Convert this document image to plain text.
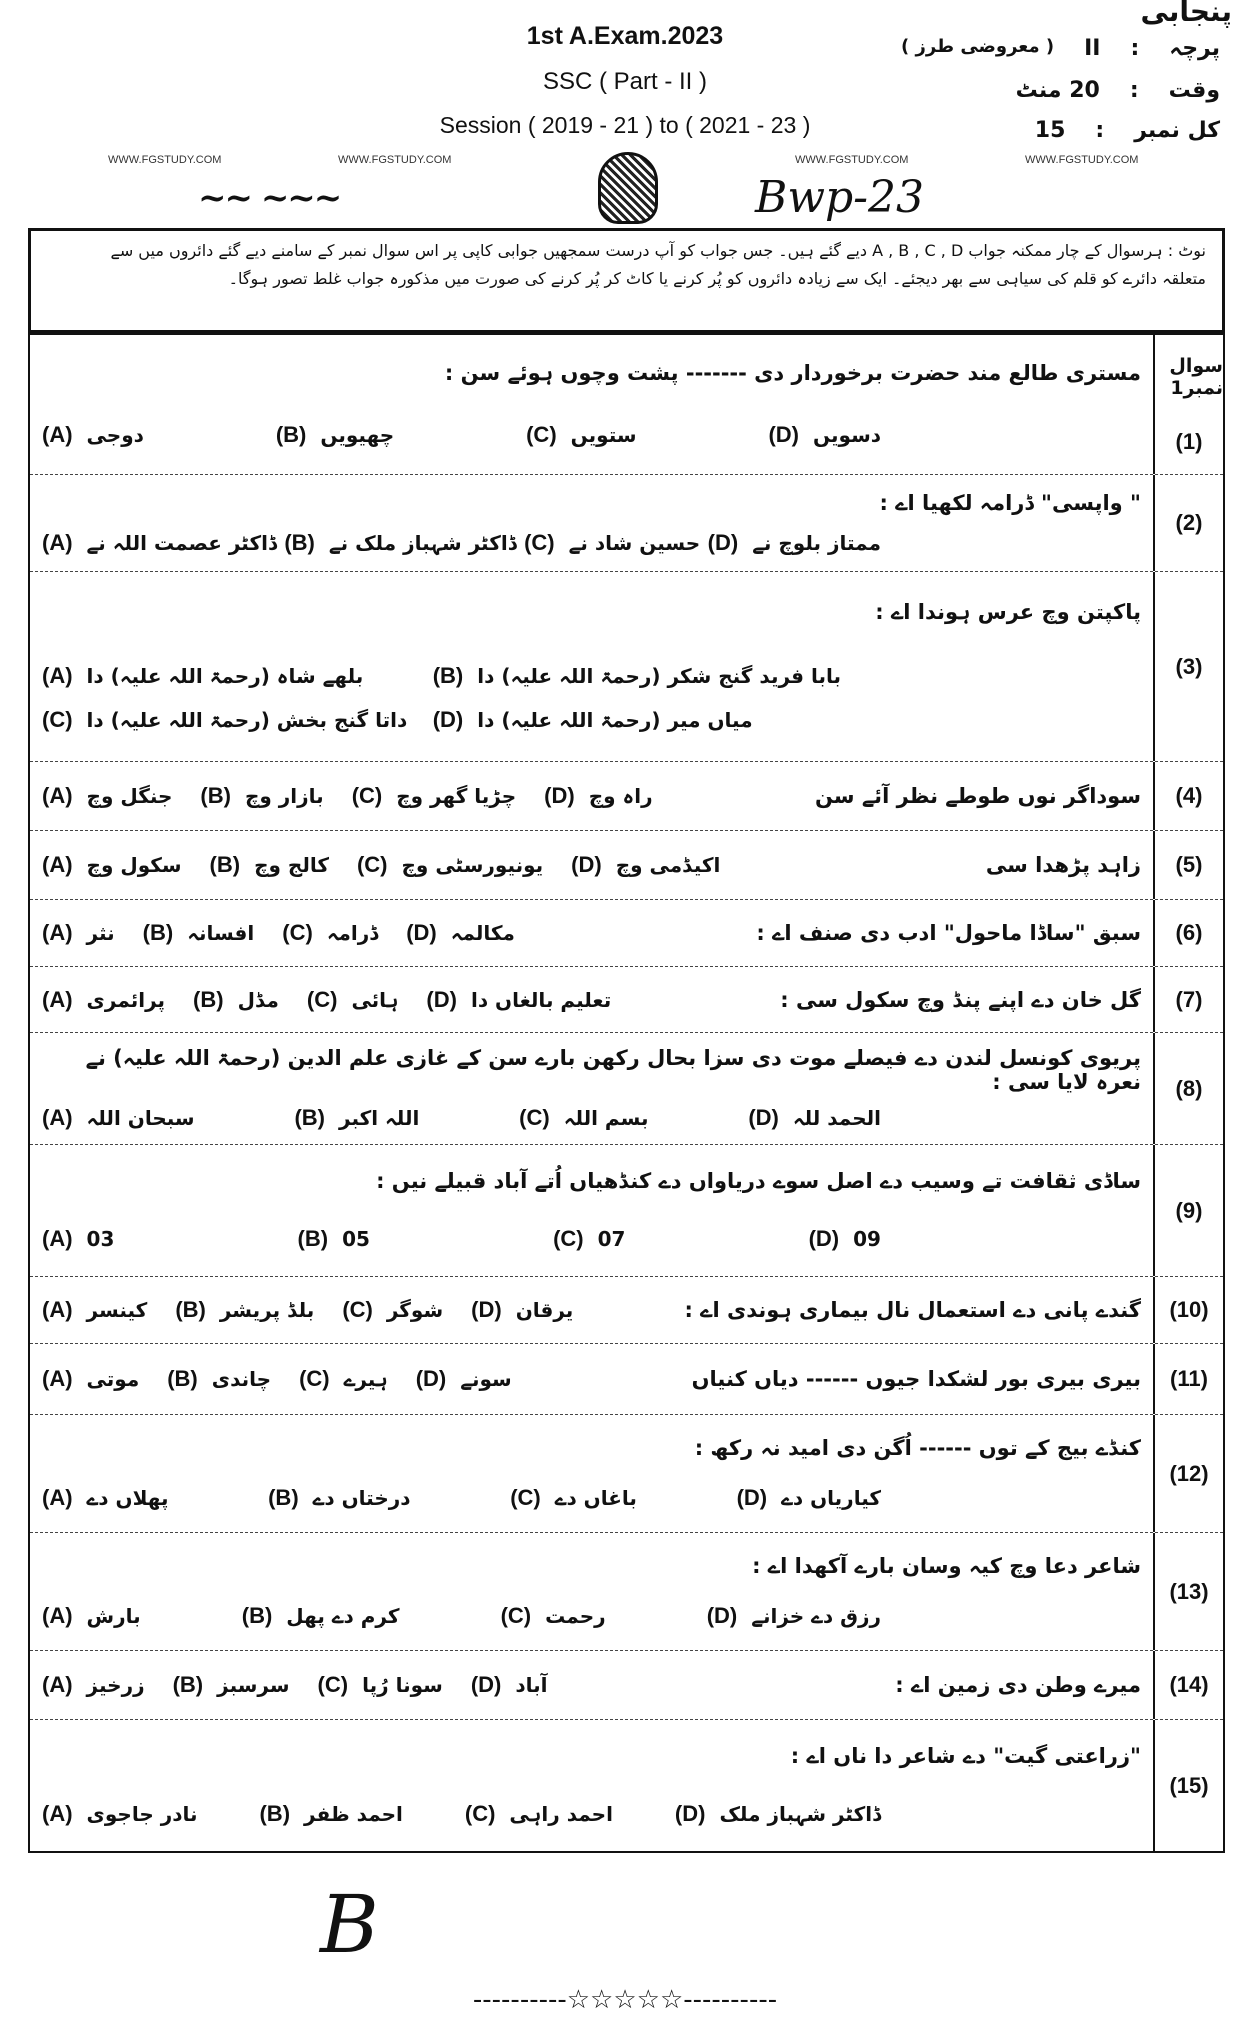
1st A.Exam.2023
SSC ( Part - II )
Session ( 2019 - 21 ) to ( 2021 - 23 )
پنجابی
پرچہ
:
II
( معروضی طرز )
وقت
:
20 منٹ
کل نمبر
:
15
WWW.FGSTUDY.COM	WWW.FGSTUDY.COM	WWW.FGSTUDY.COM	WWW.FGSTUDY.COM
~~ ~~~	Bwp-23
نوٹ : ہرسوال کے چار ممکنہ جواب A , B , C , D دیے گئے ہیں۔ جس جواب کو آپ درست سمجھیں جوابی کاپی پر اس سوال نمبر کے سامنے دیے گئے دائروں میں سے
متعلقہ دائرے کو قلم کی سیاہی سے بھر دیجئے۔ ایک سے زیادہ دائروں کو پُر کرنے یا کاٹ کر پُر کرنے کی صورت میں مذکورہ جواب غلط تصور ہوگا۔
مستری طالع مند حضرت برخوردار دی ------- پشت وچوں ہوئے سن :
(A) دوجی	(B) چھیویں	(C) ستویں	(D) دسویں
سوال نمبر1
(1)
" واپسی" ڈرامہ لکھیا اے :
(A) ڈاکٹر عصمت اللہ نے (B) ڈاکٹر شہباز ملک نے (C) حسین شاد نے (D) ممتاز بلوچ نے
(2)
پاکپتن وچ عرس ہوندا اے :
(A) بلھے شاہ (رحمۃ اللہ علیہ) دا	(B) بابا فرید گنج شکر (رحمۃ اللہ علیہ) دا
(C) داتا گنج بخش (رحمۃ اللہ علیہ) دا (D) میاں میر (رحمۃ اللہ علیہ) دا
(3)
سوداگر نوں طوطے نظر آئے سن
(A) جنگل وچ (B) بازار وچ (C) چڑیا گھر وچ (D) راہ وچ	(4)
زاہد پڑھدا سی
(A) سکول وچ (B) کالج وچ (C) یونیورسٹی وچ (D) اکیڈمی وچ	(5)
سبق "ساڈا ماحول" ادب دی صنف اے :
(A) نثر (B) افسانہ (C) ڈرامہ (D) مکالمہ	(6)
گل خان دے اپنے پنڈ وچ سکول سی :
(A) پرائمری (B) مڈل (C) ہائی (D) تعلیم بالغاں دا	(7)
پریوی کونسل لندن دے فیصلے موت دی سزا بحال رکھن بارے سن کے غازی علم الدین (رحمۃ اللہ علیہ) نے نعرہ لایا سی :
(A) سبحان اللہ	(B) اللہ اکبر	(C) بسم اللہ	(D) الحمد للہ
(8)
ساڈی ثقافت تے وسیب دے اصل سوے دریاواں دے کنڈھیاں اُتے آباد قبیلے نیں :
(A) 03	(B) 05	(C) 07	(D) 09
(9)
گندے پانی دے استعمال نال بیماری ہوندی اے :
(A) کینسر (B) بلڈ پریشر (C) شوگر (D) یرقان	(10)
بیری بیری بور لشکدا جیوں ------ دیاں کنیاں
(A) موتی (B) چاندی (C) ہیرے (D) سونے	(11)
کنڈے بیج کے توں ------ اُگن دی امید نہ رکھ :
(A) پھلاں دے	(B) درختاں دے	(C) باغاں دے	(D) کیاریاں دے
(12)
شاعر دعا وچ کیہ وسان بارے آکھدا اے :
(A) بارش	(B) کرم دے پھل	(C) رحمت	(D) رزق دے خزانے
(13)
میرے وطن دی زمین اے :
(A) زرخیز (B) سرسبز (C) سونا رُپا (D) آباد	(14)
"زراعتی گیت" دے شاعر دا ناں اے :
(A) نادر جاجوی	(B) احمد ظفر	(C) احمد راہی	(D) ڈاکٹر شہباز ملک
(15)
B
----------☆☆☆☆☆----------
